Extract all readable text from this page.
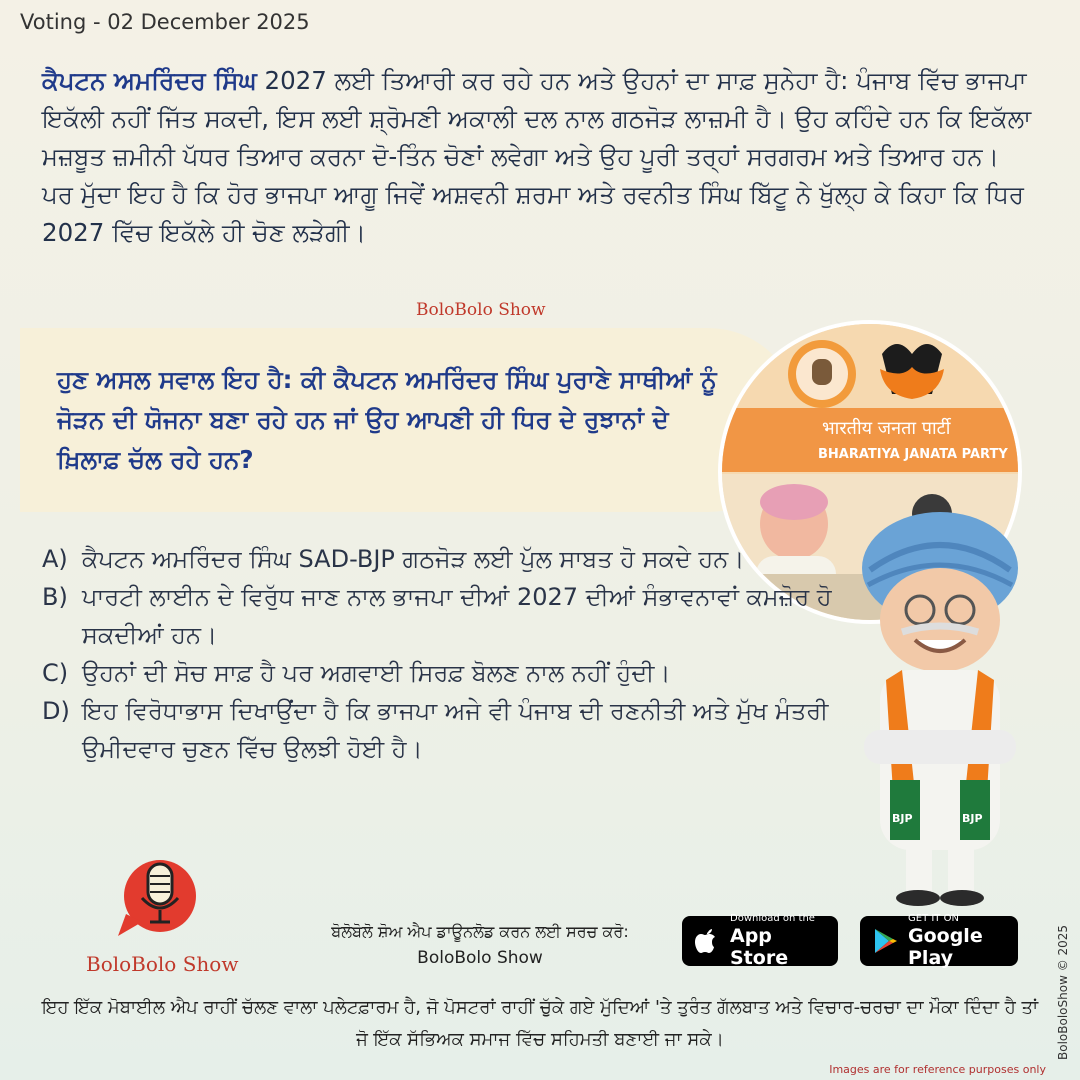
Voting - 02 December 2025
ਕੈਪਟਨ ਅਮਰਿੰਦਰ ਸਿੰਘ 2027 ਲਈ ਤਿਆਰੀ ਕਰ ਰਹੇ ਹਨ ਅਤੇ ਉਹਨਾਂ ਦਾ ਸਾਫ਼ ਸੁਨੇਹਾ ਹੈ: ਪੰਜਾਬ ਵਿੱਚ ਭਾਜਪਾ ਇਕੱਲੀ ਨਹੀਂ ਜਿੱਤ ਸਕਦੀ, ਇਸ ਲਈ ਸ਼੍ਰੋਮਣੀ ਅਕਾਲੀ ਦਲ ਨਾਲ ਗਠਜੋੜ ਲਾਜ਼ਮੀ ਹੈ। ਉਹ ਕਹਿੰਦੇ ਹਨ ਕਿ ਇਕੱਲਾ ਮਜ਼ਬੂਤ ਜ਼ਮੀਨੀ ਪੱਧਰ ਤਿਆਰ ਕਰਨਾ ਦੋ-ਤਿੰਨ ਚੋਣਾਂ ਲਵੇਗਾ ਅਤੇ ਉਹ ਪੂਰੀ ਤਰ੍ਹਾਂ ਸਰਗਰਮ ਅਤੇ ਤਿਆਰ ਹਨ। ਪਰ ਮੁੱਦਾ ਇਹ ਹੈ ਕਿ ਹੋਰ ਭਾਜਪਾ ਆਗੂ ਜਿਵੇਂ ਅਸ਼ਵਨੀ ਸ਼ਰਮਾ ਅਤੇ ਰਵਨੀਤ ਸਿੰਘ ਬਿੱਟੂ ਨੇ ਖੁੱਲ੍ਹ ਕੇ ਕਿਹਾ ਕਿ ਧਿਰ 2027 ਵਿੱਚ ਇਕੱਲੇ ਹੀ ਚੋਣ ਲੜੇਗੀ।
BoloBolo Show
ਹੁਣ ਅਸਲ ਸਵਾਲ ਇਹ ਹੈ: ਕੀ ਕੈਪਟਨ ਅਮਰਿੰਦਰ ਸਿੰਘ ਪੁਰਾਣੇ ਸਾਥੀਆਂ ਨੂੰ ਜੋੜਨ ਦੀ ਯੋਜਨਾ ਬਣਾ ਰਹੇ ਹਨ ਜਾਂ ਉਹ ਆਪਣੀ ਹੀ ਧਿਰ ਦੇ ਰੁਝਾਨਾਂ ਦੇ ਖ਼ਿਲਾਫ਼ ਚੱਲ ਰਹੇ ਹਨ?
भारतीय जनता पार्टी
BHARATIYA JANATA PARTY
A) ਕੈਪਟਨ ਅਮਰਿੰਦਰ ਸਿੰਘ SAD-BJP ਗਠਜੋੜ ਲਈ ਪੁੱਲ ਸਾਬਤ ਹੋ ਸਕਦੇ ਹਨ।
B) ਪਾਰਟੀ ਲਾਈਨ ਦੇ ਵਿਰੁੱਧ ਜਾਣ ਨਾਲ ਭਾਜਪਾ ਦੀਆਂ 2027 ਦੀਆਂ ਸੰਭਾਵਨਾਵਾਂ ਕਮਜ਼ੋਰ ਹੋ ਸਕਦੀਆਂ ਹਨ।
C) ਉਹਨਾਂ ਦੀ ਸੋਚ ਸਾਫ਼ ਹੈ ਪਰ ਅਗਵਾਈ ਸਿਰਫ਼ ਬੋਲਣ ਨਾਲ ਨਹੀਂ ਹੁੰਦੀ।
D) ਇਹ ਵਿਰੋਧਾਭਾਸ ਦਿਖਾਉਂਦਾ ਹੈ ਕਿ ਭਾਜਪਾ ਅਜੇ ਵੀ ਪੰਜਾਬ ਦੀ ਰਣਨੀਤੀ ਅਤੇ ਮੁੱਖ ਮੰਤਰੀ ਉਮੀਦਵਾਰ ਚੁਣਨ ਵਿੱਚ ਉਲਝੀ ਹੋਈ ਹੈ।
BJP	BJP
BoloBolo Show
ਬੋਲੋਬੋਲੋ ਸ਼ੋਅ ਐਪ ਡਾਊਨਲੋਡ ਕਰਨ ਲਈ ਸਰਚ ਕਰੋ:
BoloBolo Show
Download on the
App Store
GET IT ON
Google Play
ਇਹ ਇੱਕ ਮੋਬਾਈਲ ਐਪ ਰਾਹੀਂ ਚੱਲਣ ਵਾਲਾ ਪਲੇਟਫ਼ਾਰਮ ਹੈ, ਜੋ ਪੋਸਟਰਾਂ ਰਾਹੀਂ ਚੁੱਕੇ ਗਏ ਮੁੱਦਿਆਂ 'ਤੇ ਤੁਰੰਤ ਗੱਲਬਾਤ ਅਤੇ ਵਿਚਾਰ-ਚਰਚਾ ਦਾ ਮੌਕਾ ਦਿੰਦਾ ਹੈ ਤਾਂ ਜੋ ਇੱਕ ਸੱਭਿਅਕ ਸਮਾਜ ਵਿੱਚ ਸਹਿਮਤੀ ਬਣਾਈ ਜਾ ਸਕੇ।
Images are for reference purposes only
BoloBoloShow © 2025
